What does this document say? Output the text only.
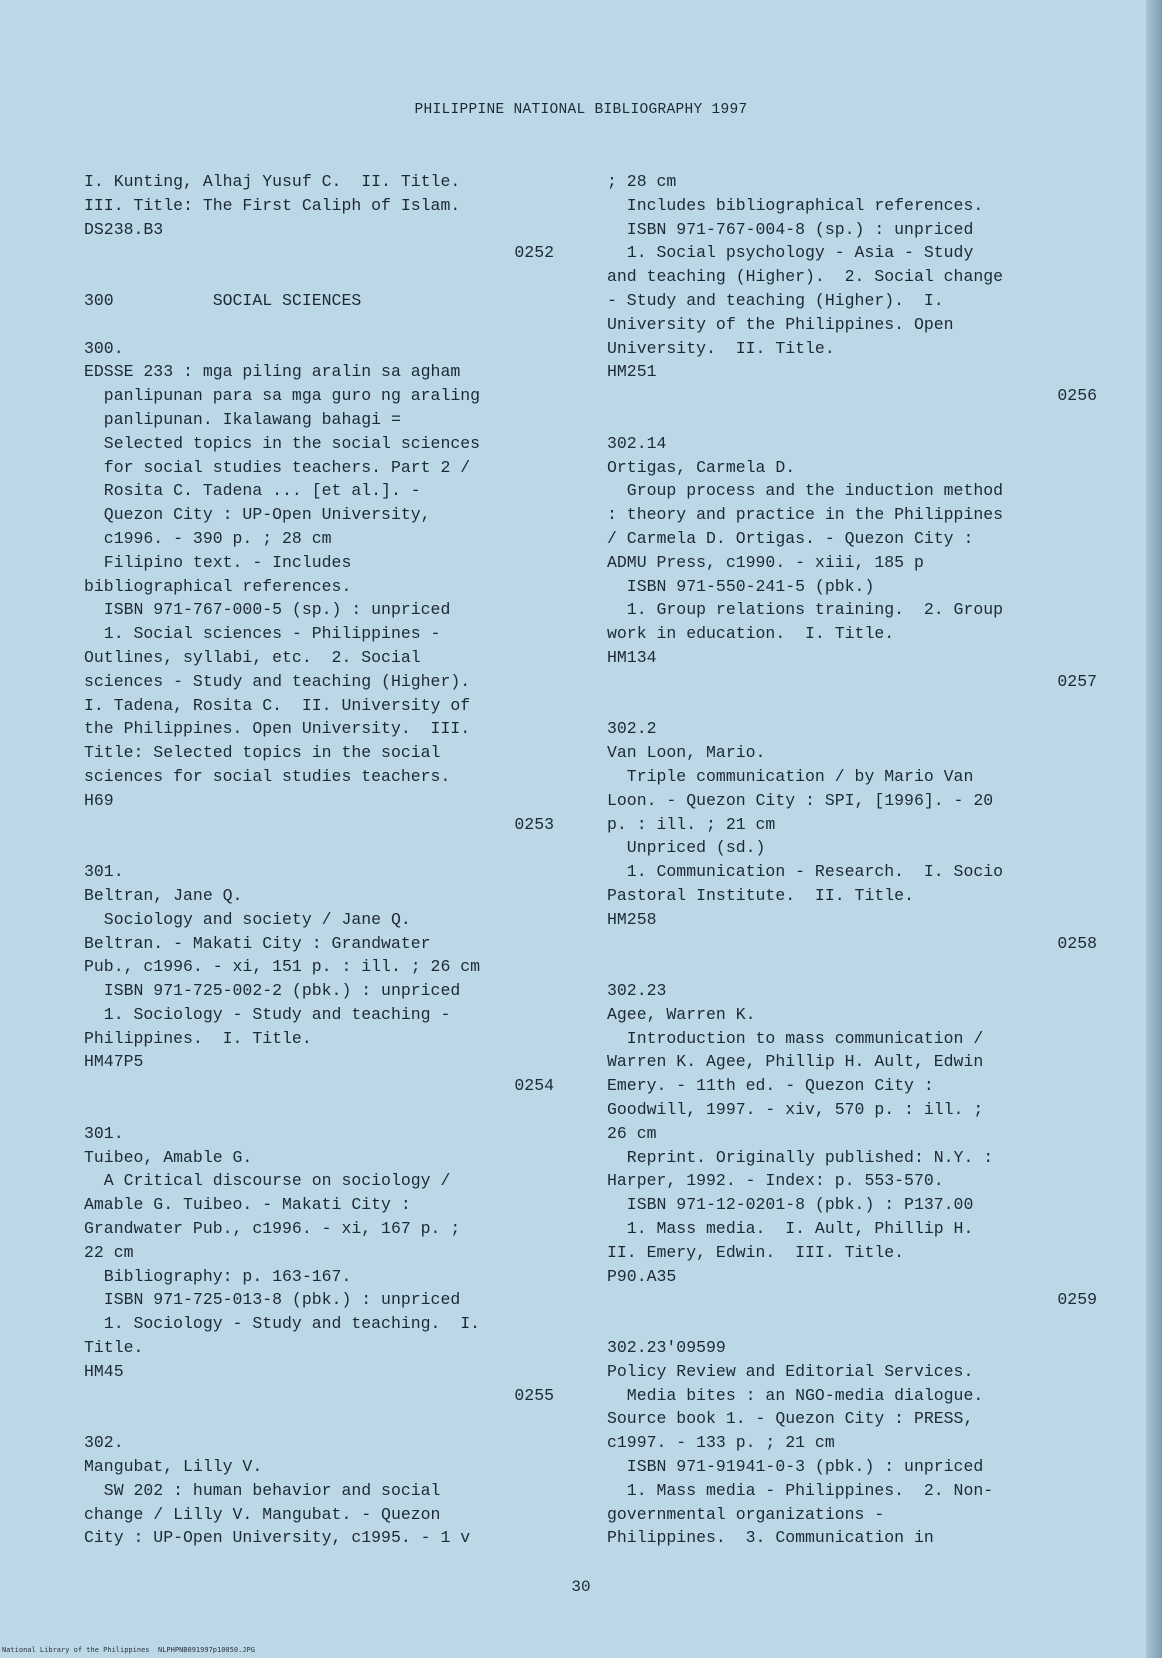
PHILIPPINE NATIONAL BIBLIOGRAPHY 1997
I. Kunting, Alhaj Yusuf C.  II. Title.
III. Title: The First Caliph of Islam.
DS238.B3
0252
300          SOCIAL SCIENCES
300.
EDSSE 233 : mga piling aralin sa agham
panlipunan para sa mga guro ng araling
panlipunan. Ikalawang bahagi =
Selected topics in the social sciences
for social studies teachers. Part 2 /
Rosita C. Tadena ... [et al.]. -
Quezon City : UP-Open University,
c1996. - 390 p. ; 28 cm
Filipino text. - Includes
bibliographical references.
ISBN 971-767-000-5 (sp.) : unpriced
1. Social sciences - Philippines -
Outlines, syllabi, etc.  2. Social
sciences - Study and teaching (Higher).
I. Tadena, Rosita C.  II. University of
the Philippines. Open University.  III.
Title: Selected topics in the social
sciences for social studies teachers.
H69
0253
301.
Beltran, Jane Q.
Sociology and society / Jane Q.
Beltran. - Makati City : Grandwater
Pub., c1996. - xi, 151 p. : ill. ; 26 cm
ISBN 971-725-002-2 (pbk.) : unpriced
1. Sociology - Study and teaching -
Philippines.  I. Title.
HM47P5
0254
301.
Tuibeo, Amable G.
A Critical discourse on sociology /
Amable G. Tuibeo. - Makati City :
Grandwater Pub., c1996. - xi, 167 p. ;
22 cm
Bibliography: p. 163-167.
ISBN 971-725-013-8 (pbk.) : unpriced
1. Sociology - Study and teaching.  I.
Title.
HM45
0255
302.
Mangubat, Lilly V.
SW 202 : human behavior and social
change / Lilly V. Mangubat. - Quezon
City : UP-Open University, c1995. - 1 v
; 28 cm
Includes bibliographical references.
ISBN 971-767-004-8 (sp.) : unpriced
1. Social psychology - Asia - Study
and teaching (Higher).  2. Social change
- Study and teaching (Higher).  I.
University of the Philippines. Open
University.  II. Title.
HM251
0256
302.14
Ortigas, Carmela D.
Group process and the induction method
: theory and practice in the Philippines
/ Carmela D. Ortigas. - Quezon City :
ADMU Press, c1990. - xiii, 185 p
ISBN 971-550-241-5 (pbk.)
1. Group relations training.  2. Group
work in education.  I. Title.
HM134
0257
302.2
Van Loon, Mario.
Triple communication / by Mario Van
Loon. - Quezon City : SPI, [1996]. - 20
p. : ill. ; 21 cm
Unpriced (sd.)
1. Communication - Research.  I. Socio
Pastoral Institute.  II. Title.
HM258
0258
302.23
Agee, Warren K.
Introduction to mass communication /
Warren K. Agee, Phillip H. Ault, Edwin
Emery. - 11th ed. - Quezon City :
Goodwill, 1997. - xiv, 570 p. : ill. ;
26 cm
Reprint. Originally published: N.Y. :
Harper, 1992. - Index: p. 553-570.
ISBN 971-12-0201-8 (pbk.) : P137.00
1. Mass media.  I. Ault, Phillip H.
II. Emery, Edwin.  III. Title.
P90.A35
0259
302.23'09599
Policy Review and Editorial Services.
Media bites : an NGO-media dialogue.
Source book 1. - Quezon City : PRESS,
c1997. - 133 p. ; 21 cm
ISBN 971-91941-0-3 (pbk.) : unpriced
1. Mass media - Philippines.  2. Non-
governmental organizations -
Philippines.  3. Communication in
30
National Library of the Philippines NLPHPNB091997p10050.JPG
